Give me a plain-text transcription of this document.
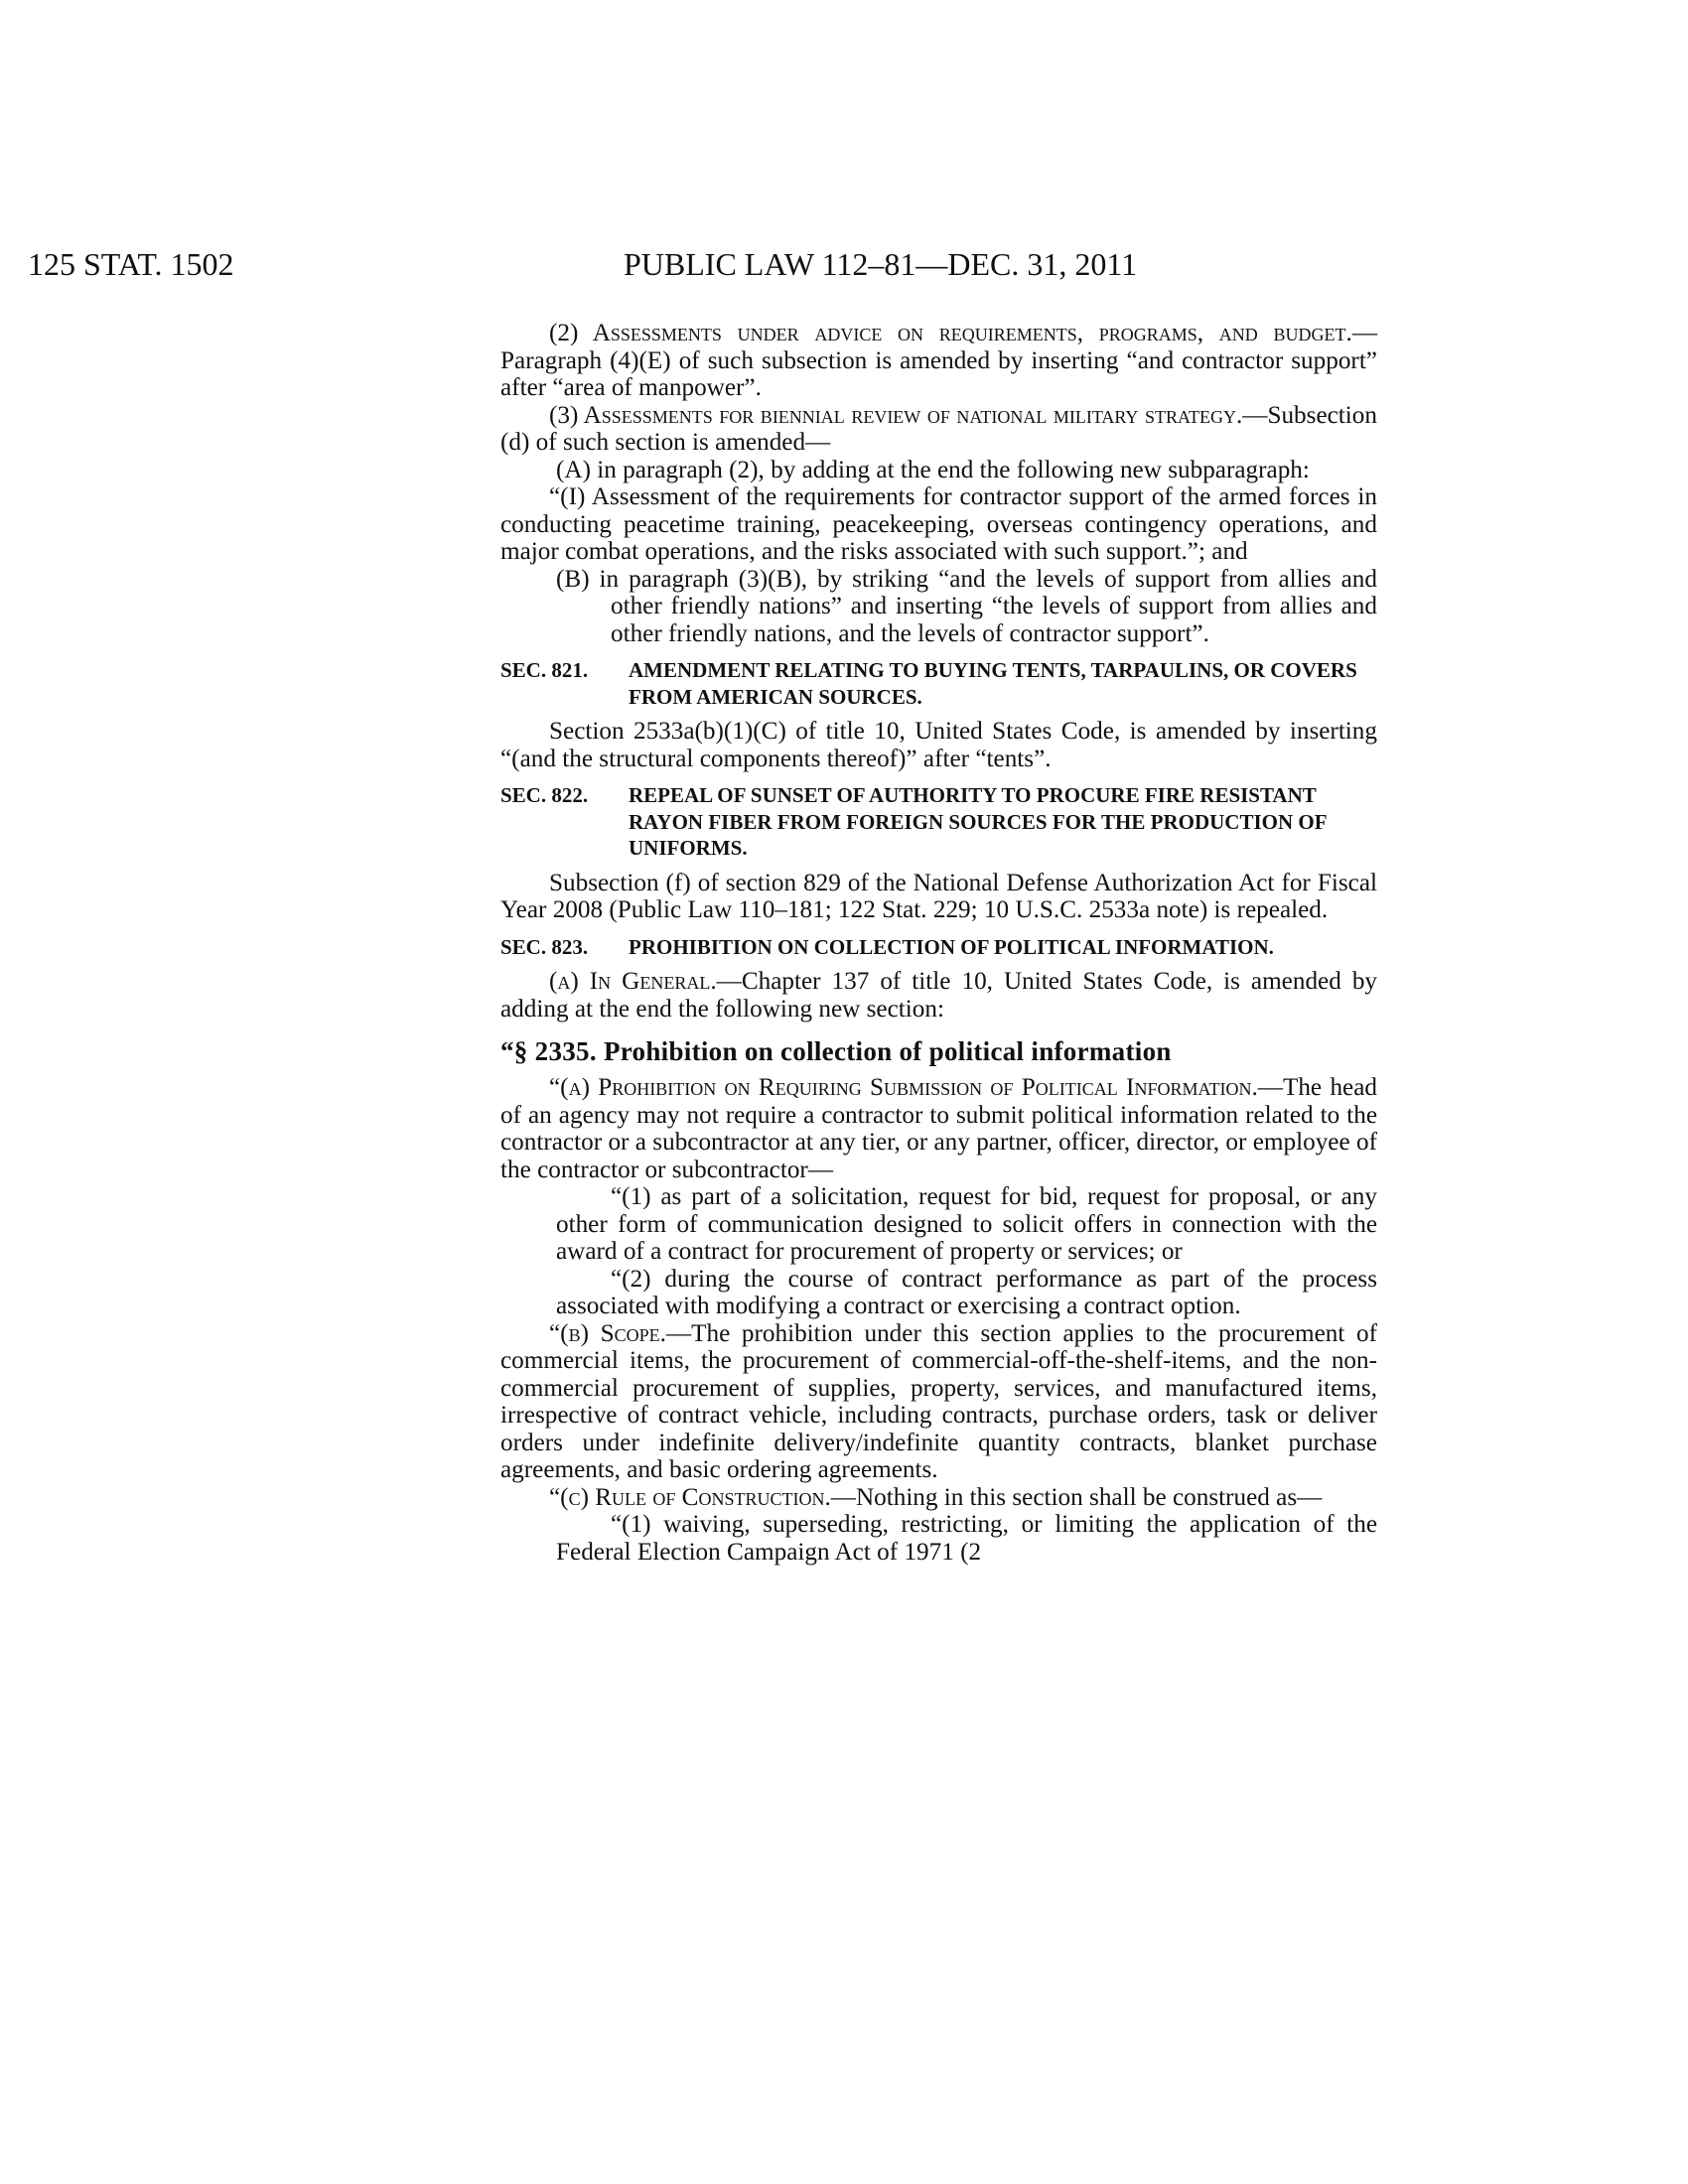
125 STAT. 1502	PUBLIC LAW 112–81—DEC. 31, 2011

(2) Assessments under advice on requirements, programs, and budget.—Paragraph (4)(E) of such subsection is amended by inserting “and contractor support” after “area of manpower”.

(3) Assessments for biennial review of national military strategy.—Subsection (d) of such section is amended—

(A) in paragraph (2), by adding at the end the following new subparagraph:

“(I) Assessment of the requirements for contractor support of the armed forces in conducting peacetime training, peacekeeping, overseas contingency operations, and major combat operations, and the risks associated with such support.”; and

(B) in paragraph (3)(B), by striking “and the levels of support from allies and other friendly nations” and inserting “the levels of support from allies and other friendly nations, and the levels of contractor support”.

SEC. 821. AMENDMENT RELATING TO BUYING TENTS, TARPAULINS, OR COVERS FROM AMERICAN SOURCES.

Section 2533a(b)(1)(C) of title 10, United States Code, is amended by inserting “(and the structural components thereof)” after “tents”.

SEC. 822. REPEAL OF SUNSET OF AUTHORITY TO PROCURE FIRE RESISTANT RAYON FIBER FROM FOREIGN SOURCES FOR THE PRODUCTION OF UNIFORMS.

Subsection (f) of section 829 of the National Defense Authorization Act for Fiscal Year 2008 (Public Law 110–181; 122 Stat. 229; 10 U.S.C. 2533a note) is repealed.

SEC. 823. PROHIBITION ON COLLECTION OF POLITICAL INFORMATION.

(a) In General.—Chapter 137 of title 10, United States Code, is amended by adding at the end the following new section:

“§ 2335. Prohibition on collection of political information

“(a) Prohibition on Requiring Submission of Political Information.—The head of an agency may not require a contractor to submit political information related to the contractor or a subcontractor at any tier, or any partner, officer, director, or employee of the contractor or subcontractor—

“(1) as part of a solicitation, request for bid, request for proposal, or any other form of communication designed to solicit offers in connection with the award of a contract for procurement of property or services; or

“(2) during the course of contract performance as part of the process associated with modifying a contract or exercising a contract option.

“(b) Scope.—The prohibition under this section applies to the procurement of commercial items, the procurement of commercial-off-the-shelf-items, and the non-commercial procurement of supplies, property, services, and manufactured items, irrespective of contract vehicle, including contracts, purchase orders, task or deliver orders under indefinite delivery/indefinite quantity contracts, blanket purchase agreements, and basic ordering agreements.

“(c) Rule of Construction.—Nothing in this section shall be construed as—

“(1) waiving, superseding, restricting, or limiting the application of the Federal Election Campaign Act of 1971 (2
